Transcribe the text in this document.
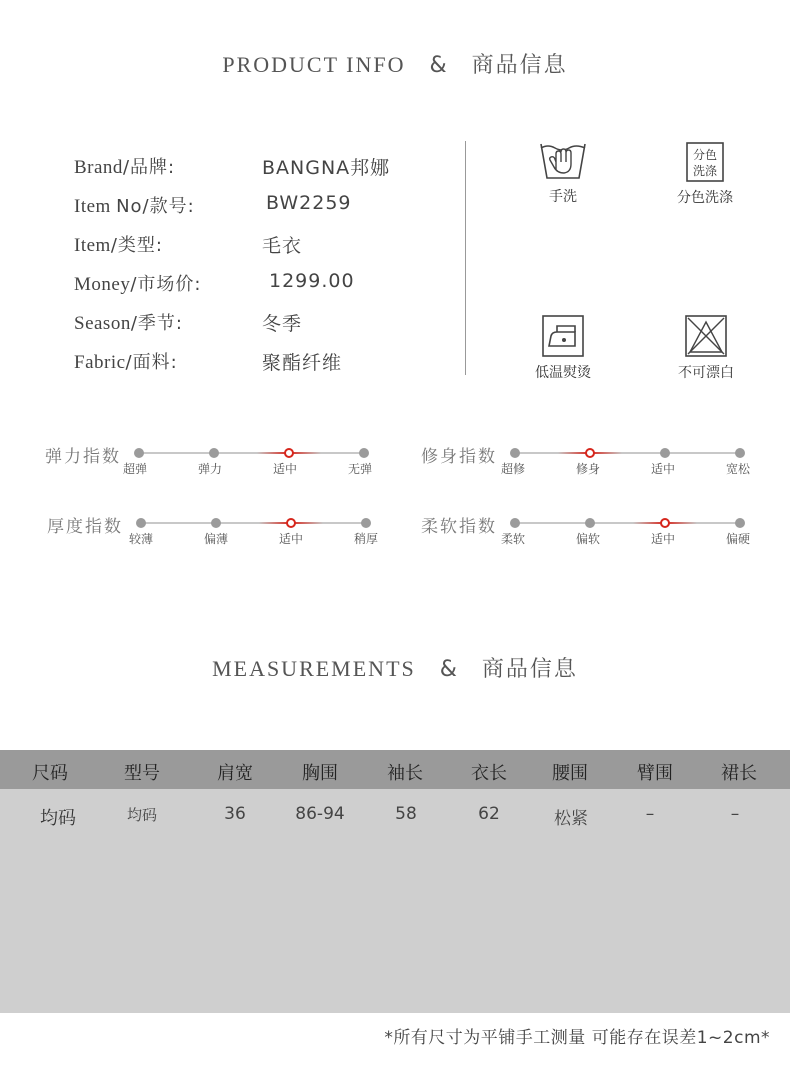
PRODUCT INFO & 商品信息
Brand/品牌:	BANGNA邦娜
Item No/款号:	BW2259
Item/类型:	毛衣
Money/市场价:	1299.00
Season/季节:	冬季
Fabric/面料:	聚酯纤维
手洗
分色
洗涤
分色洗涤
低温熨烫	不可漂白
弹力指数
超弹	弹力	适中	无弹
修身指数
超修	修身	适中	宽松
厚度指数
较薄	偏薄	适中	稍厚
柔软指数
柔软	偏软	适中	偏硬
MEASUREMENTS & 商品信息
尺码	型号	肩宽	胸围	袖长	衣长	腰围	臂围	裙长
均码	均码	36	86-94	58	62	松紧	–	–
*所有尺寸为平铺手工测量 可能存在误差1~2cm*
